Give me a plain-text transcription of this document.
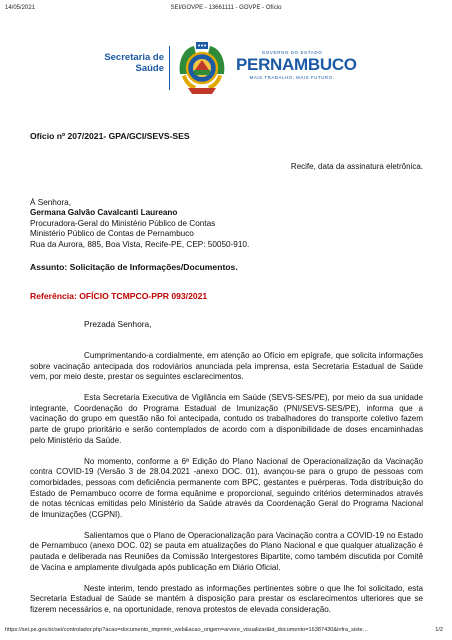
14/05/2021	SEI/GOVPE - 13661111 - GOVPE - Ofício
Secretaria de
Saúde
GOVERNO DO ESTADO
PERNAMBUCO
MAIS TRABALHO, MAIS FUTURO.
Ofício nº 207/2021- GPA/GCI/SEVS-SES
Recife, data da assinatura eletrônica.
À Senhora,
Germana Galvão Cavalcanti Laureano
Procuradora-Geral do Ministério Público de Contas
Ministério Público de Contas de Pernambuco
Rua da Aurora, 885, Boa Vista, Recife-PE, CEP: 50050-910.
Assunto: Solicitação de Informações/Documentos.
Referência: OFÍCIO TCMPCO-PPR 093/2021
Prezada Senhora,

Cumprimentando-a cordialmente, em atenção ao Ofício em epígrafe, que solicita informações sobre vacinação antecipada dos rodoviários anunciada pela imprensa, esta Secretaria Estadual de Saúde vem, por meio deste, prestar os seguintes esclarecimentos.

Esta Secretaria Executiva de Vigilância em Saúde (SEVS-SES/PE), por meio da sua unidade integrante, Coordenação do Programa Estadual de Imunização (PNI/SEVS-SES/PE), informa que a vacinação do grupo em questão não foi antecipada, contudo os trabalhadores do transporte coletivo fazem parte de grupo prioritário e serão contemplados de acordo com a disponibilidade de doses encaminhadas pelo Ministério da Saúde.

No momento, conforme a 6ª Edição do Plano Nacional de Operacionalização da Vacinação contra COVID-19 (Versão 3 de 28.04.2021 -anexo DOC. 01), avançou-se para o grupo de pessoas com comorbidades, pessoas com deficiência permanente com BPC, gestantes e puérperas. Toda distribuição do Estado de Pernambuco ocorre de forma equânime e proporcional, seguindo critérios determinados através de notas técnicas emitidas pelo Ministério da Saúde através da Coordenação Geral do Programa Nacional de Imunizações (CGPNI).

Salientamos que o Plano de Operacionalização para Vacinação contra a COVID-19 no Estado de Pernambuco (anexo DOC. 02) se pauta em atualizações do Plano Nacional e que qualquer atualização é pautada e deliberada nas Reuniões da Comissão Intergestores Bipartite, como também discutida por Comitê de Vacina e amplamente divulgada após publicação em Diário Oficial.

Neste interim, tendo prestado as informações pertinentes sobre o que lhe foi solicitado, esta Secretaria Estadual de Saúde se mantém à disposição para prestar os esclarecimentos ulteriores que se fizerem necessários e, na oportunidade, renova protestos de elevada consideração.

https://sei.pe.gov.br/sei/controlador.php?acao=documento_imprimir_web&acao_origem=arvore_visualizar&id_documento=16387430&infra_siste…	1/2
